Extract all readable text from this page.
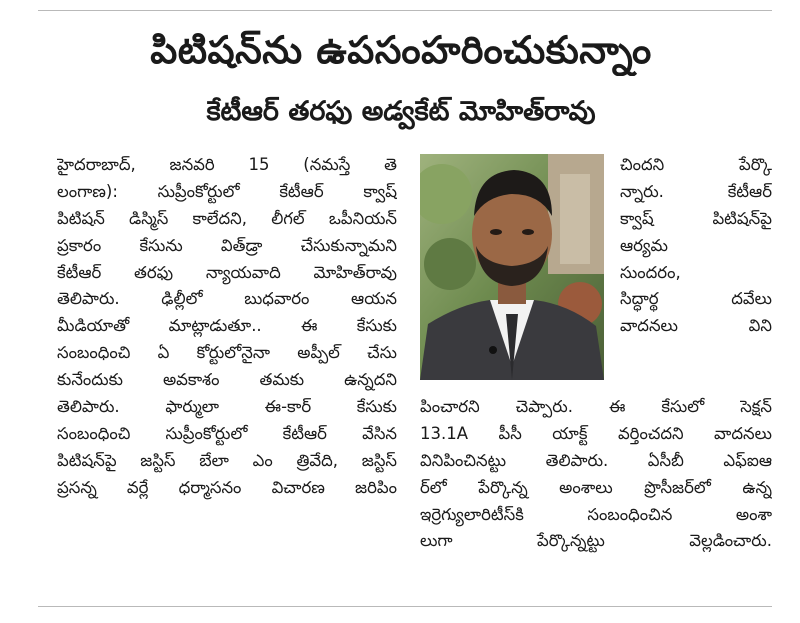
పిటిషన్‌ను ఉపసంహరించుకున్నాం
కేటీఆర్ తరఫు అడ్వకేట్ మోహిత్‌రావు
హైదరాబాద్, జనవరి 15 (నమస్తే తె
లంగాణ): సుప్రీంకోర్టులో కేటీఆర్ క్వాష్
పిటిషన్ డిస్మిస్ కాలేదని, లీగల్ ఒపీనియన్
ప్రకారం కేసును విత్‌డ్రా చేసుకున్నామని
కేటీఆర్ తరఫు న్యాయవాది మోహిత్‌రావు
తెలిపారు. ఢిల్లీలో బుధవారం ఆయన
మీడియాతో మాట్లాడుతూ.. ఈ కేసుకు
సంబంధించి ఏ కోర్టులోనైనా అప్పీల్ చేసు
కునేందుకు అవకాశం తమకు ఉన్నదని
తెలిపారు. ఫార్ములా ఈ-కార్ కేసుకు
సంబంధించి సుప్రీంకోర్టులో కేటీఆర్ వేసిన
పిటిషన్‌పై జస్టిస్ బేలా ఎం త్రివేది, జస్టిస్
ప్రసన్న వర్లే ధర్మాసనం విచారణ జరిపిం
చిందని పేర్కొ
న్నారు. కేటీఆర్
క్వాష్ పిటిషన్‌పై
ఆర్యమ
సుందరం,
సిద్ధార్థ దవేలు
వాదనలు విని
పించారని చెప్పారు. ఈ కేసులో సెక్షన్
13.1A పీసీ యాక్ట్ వర్తించదని వాదనలు
వినిపించినట్టు తెలిపారు. ఏసీబీ ఎఫ్ఐఆ
ర్‌లో పేర్కొన్న అంశాలు ప్రొసీజర్‌లో ఉన్న
ఇర్రెగ్యులారిటీస్‌కి సంబంధించిన అంశా
లుగా పేర్కొన్నట్టు వెల్లడించారు.
